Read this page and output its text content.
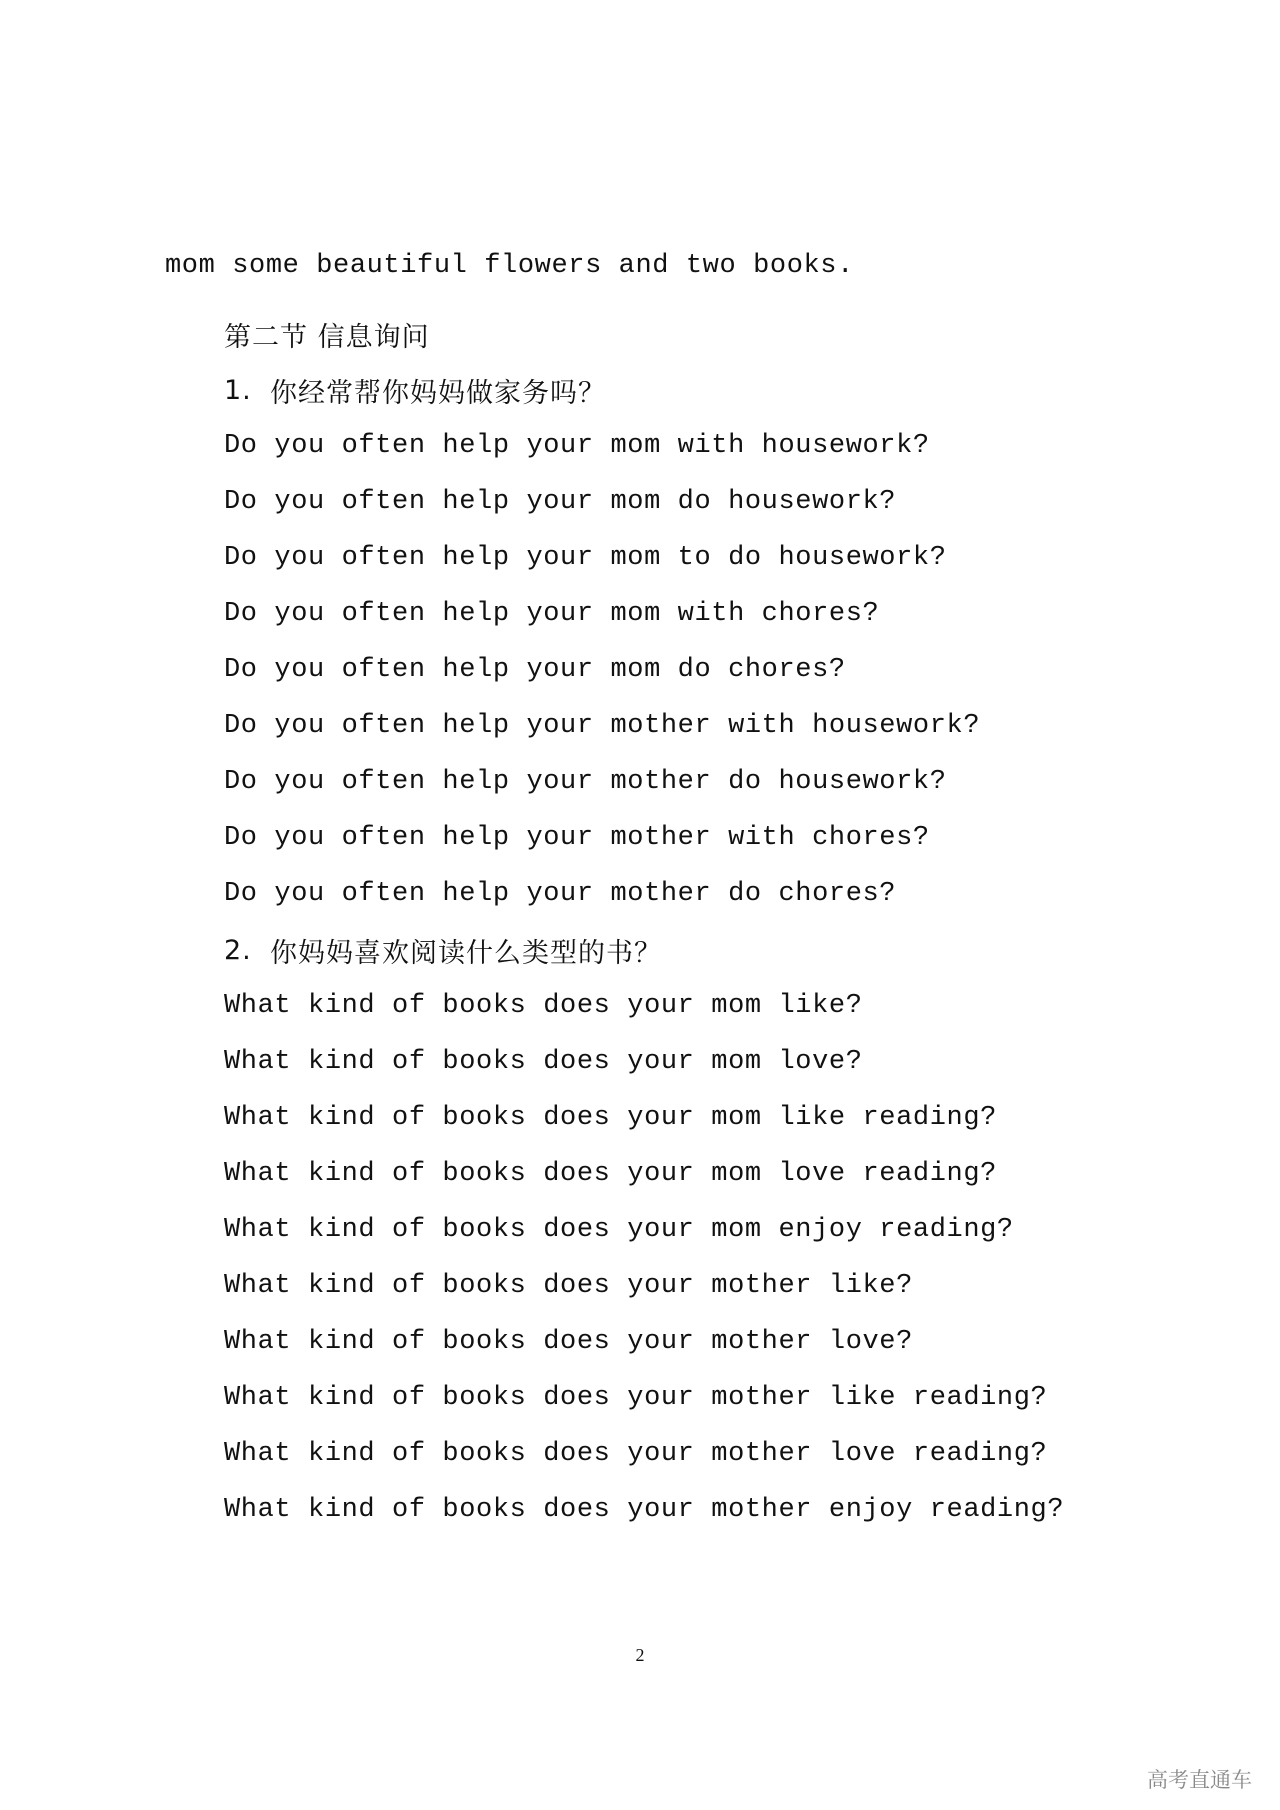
mom some beautiful flowers and two books.
第二节 信息询问
1. 你经常帮你妈妈做家务吗？
Do you often help your mom with housework?
Do you often help your mom do housework?
Do you often help your mom to do housework?
Do you often help your mom with chores?
Do you often help your mom do chores?
Do you often help your mother with housework?
Do you often help your mother do housework?
Do you often help your mother with chores?
Do you often help your mother do chores?
2. 你妈妈喜欢阅读什么类型的书？
What kind of books does your mom like?
What kind of books does your mom love?
What kind of books does your mom like reading?
What kind of books does your mom love reading?
What kind of books does your mom enjoy reading?
What kind of books does your mother like?
What kind of books does your mother love?
What kind of books does your mother like reading?
What kind of books does your mother love reading?
What kind of books does your mother enjoy reading?
2
高考直通车
